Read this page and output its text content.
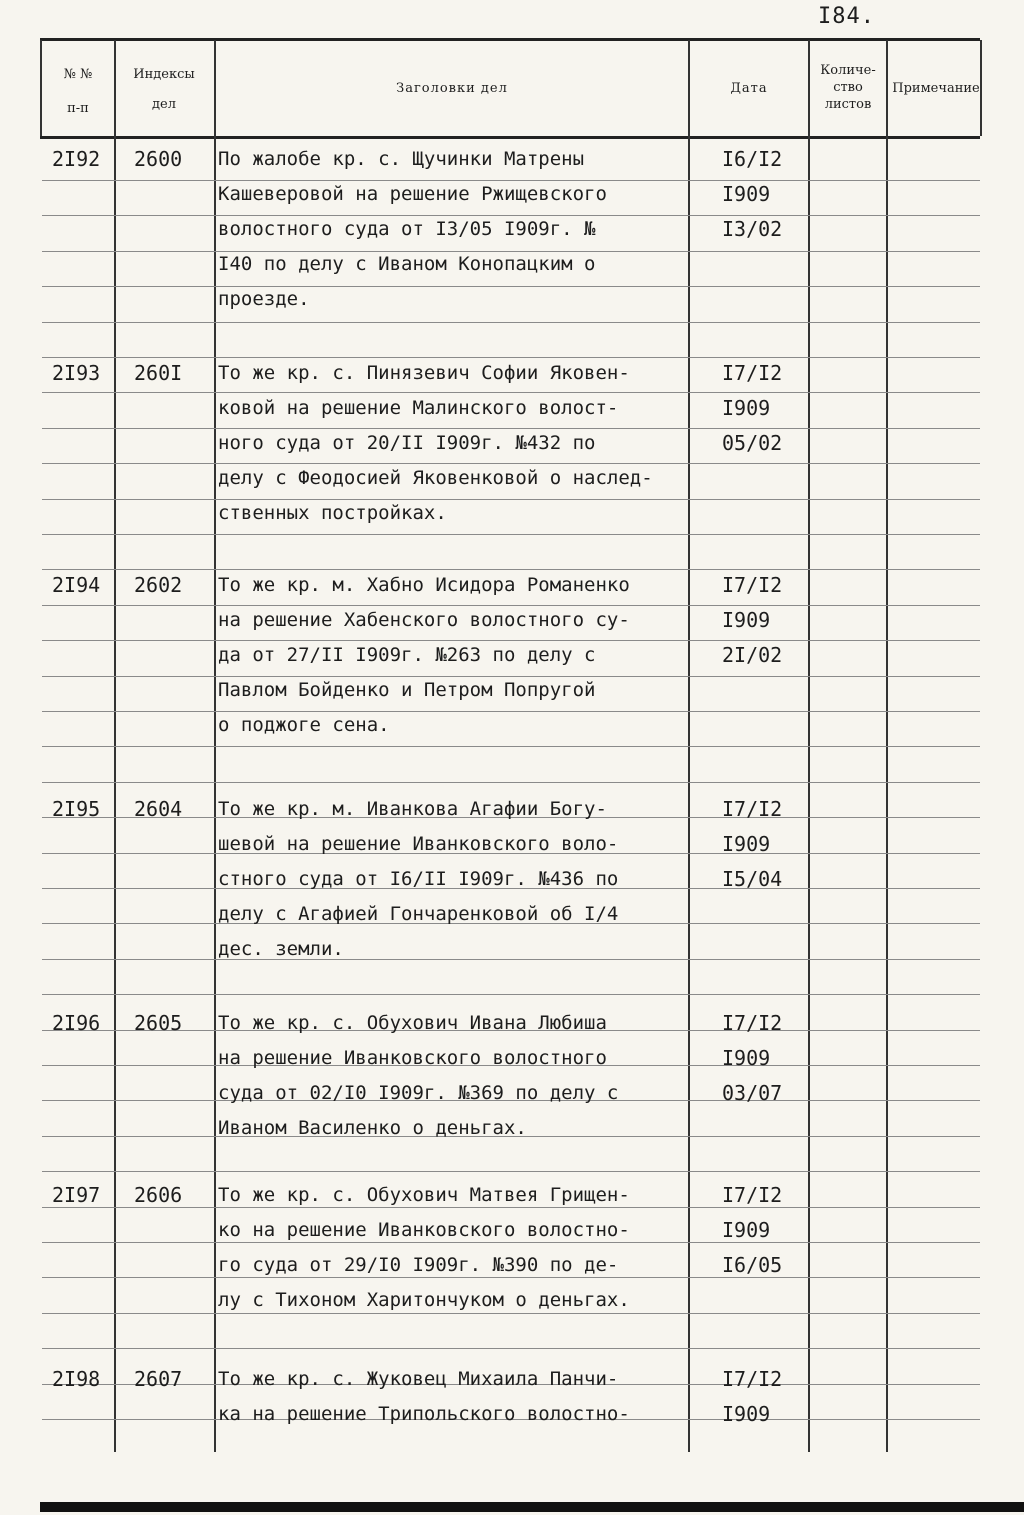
I84.
№ №
п-п
Индексы
дел
Заголовки дел	Дата
Количе-
ство
листов
Примечание
2I92 2600 По жалобе кр. с. Щучинки Матрены
Кашеверовой на решение Ржищевского
волостного суда от I3/05 I909г. №
I40 по делу с Иваном Конопацким о
проезде.
I6/I2
I909
I3/02
2I93 260I То же кр. с. Пинязевич Софии Яковен-
ковой на решение Малинского волост-
ного суда от 20/II I909г. №432 по
делу с Феодосией Яковенковой о наслед-
ственных постройках.
I7/I2
I909
05/02
2I94 2602 То же кр. м. Хабно Исидора Романенко
на решение Хабенского волостного су-
да от 27/II I909г. №263 по делу с
Павлом Бойденко и Петром Попругой
о поджоге сена.
I7/I2
I909
2I/02
2I95 2604 То же кр. м. Иванкова Агафии Богу-
шевой на решение Иванковского воло-
стного суда от I6/II I909г. №436 по
делу с Агафией Гончаренковой об I/4
дес. земли.
I7/I2
I909
I5/04
2I96 2605 То же кр. с. Обухович Ивана Любиша
на решение Иванковского волостного
суда от 02/I0 I909г. №369 по делу с
Иваном Василенко о деньгах.
I7/I2
I909
03/07
2I97 2606 То же кр. с. Обухович Матвея Грищен-
ко на решение Иванковского волостно-
го суда от 29/I0 I909г. №390 по де-
лу с Тихоном Харитончуком о деньгах.
I7/I2
I909
I6/05
2I98 2607 То же кр. с. Жуковец Михаила Панчи-
ка на решение Трипольского волостно-
I7/I2
I909
